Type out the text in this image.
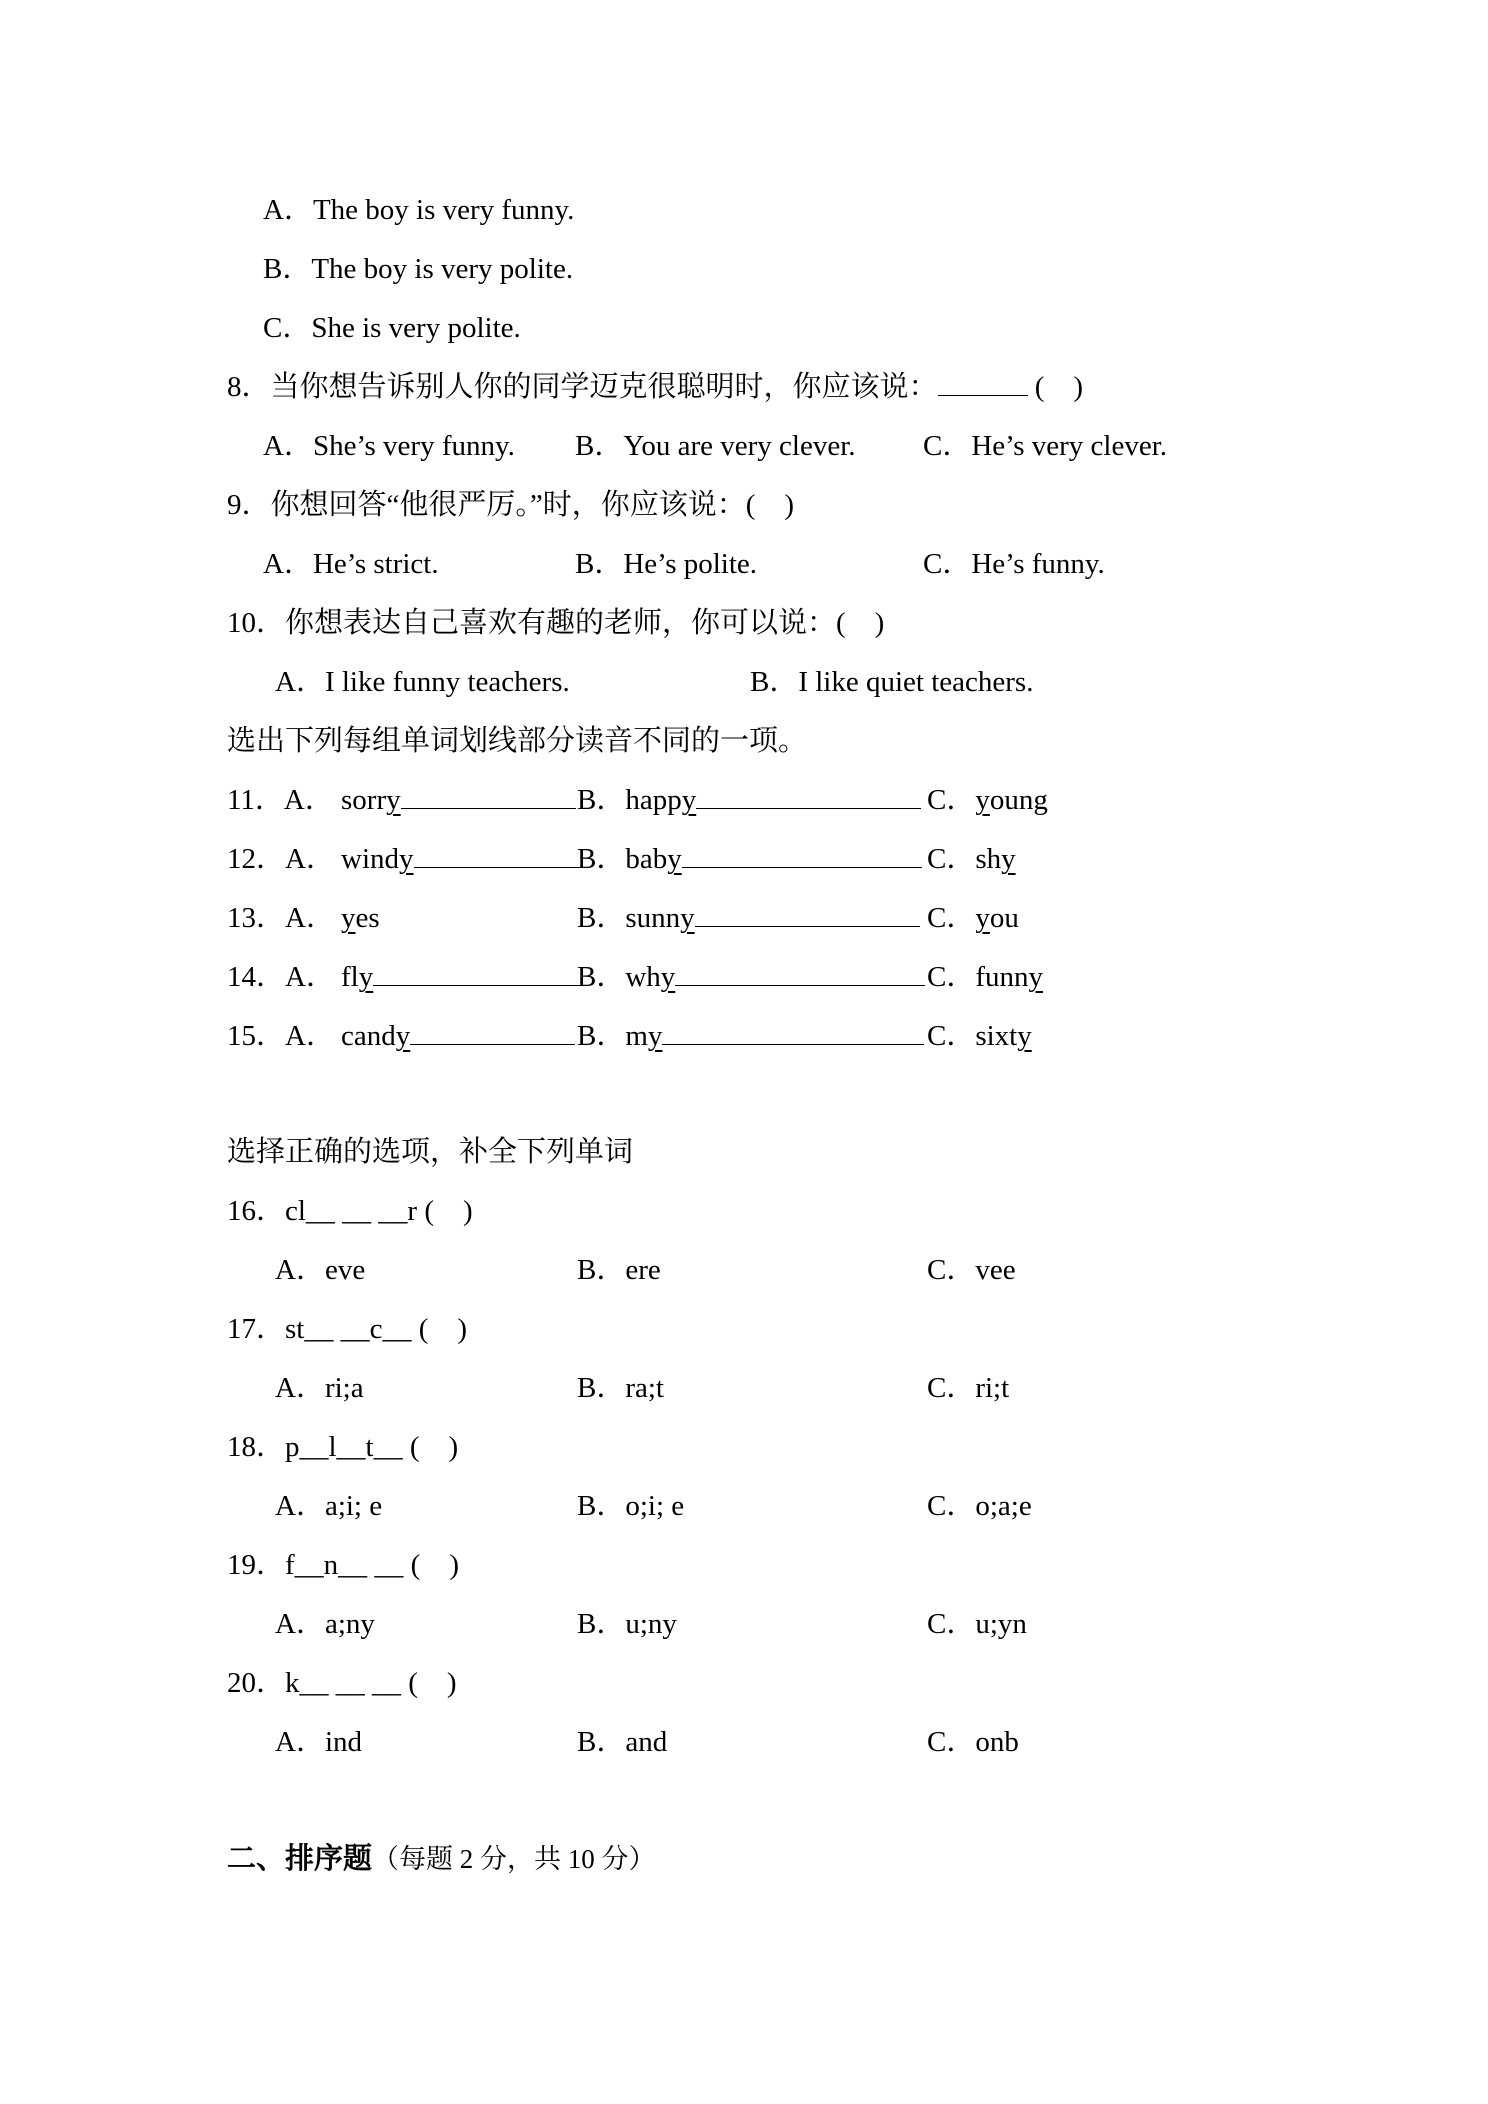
A．The boy is very funny.
B．The boy is very polite.
C．She is very polite.
8．当你想告诉别人你的同学迈克很聪明时，你应该说：	(    )

A．She’s very funny.

B．You are very clever.

C．He’s very clever.

9．你想回答“他很严厉。”时，你应该说：(    )

A．He’s strict.

	B．He’s polite.

	C．He’s funny.

10．你想表达自己喜欢有趣的老师，你可以说：(    )

A．I like funny teachers.

	B．I like quiet teachers.

选出下列每组单词划线部分读音不同的一项。

11．A．

sorry

	B．happy

	C．young

12．A．

windy

	B．baby

	C．shy

13．A．

yes

	B．sunny

	C．you

14．A．

fly

	B．why

	C．funny

15．A．

candy

	B．my

	C．sixty

选择正确的选项，补全下列单词
16．cl__ __ __r (    )

A．eve

	B．ere

	C．vee

17．st__ __c__ (    )

A．ri;a

	B．ra;t

	C．ri;t

18．p__l__t__ (    )

A．a;i; e

	B．o;i; e

	C．o;a;e

19．f__n__ __ (    )

A．a;ny

	B．u;ny

	C．u;yn

20．k__ __ __ (    )

A．ind

	B．and

	C．onb

二、排序题（每题 2 分，共 10 分）
